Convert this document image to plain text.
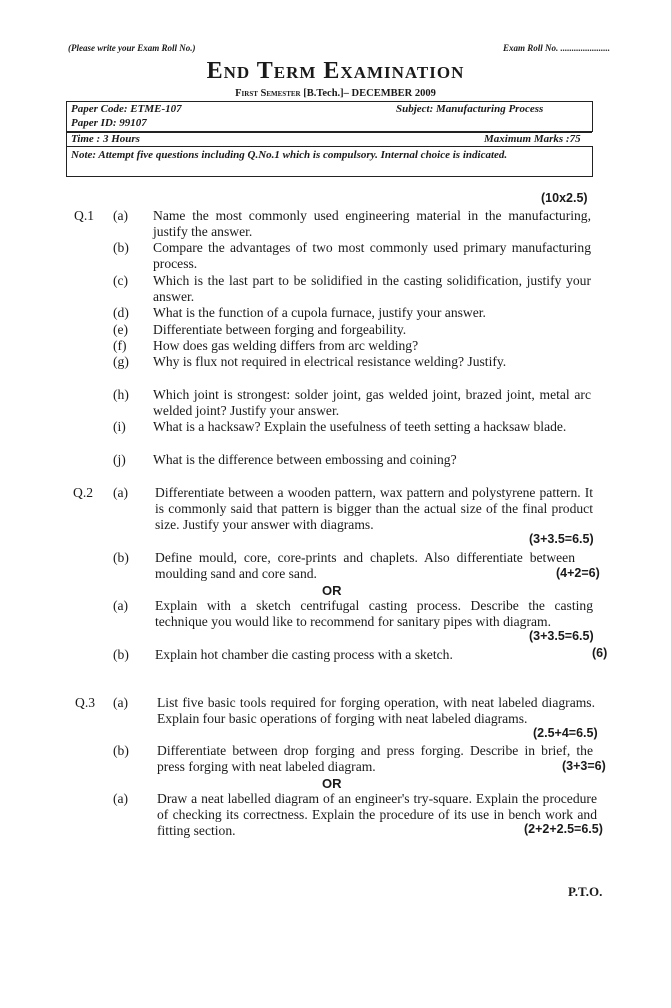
(Please write your Exam Roll No.)	Exam Roll No. ......................
End Term Examination
First Semester [B.Tech.]– DECEMBER 2009
Paper Code: ETME-107	Subject: Manufacturing Process
Paper ID: 99107
Time : 3 Hours	Maximum Marks :75
Note: Attempt five questions including Q.No.1 which is compulsory. Internal choice is indicated.
(10x2.5)
Q.1 (a) Name the most commonly used engineering material in the manufacturing, justify the answer.
(b) Compare the advantages of two most commonly used primary manufacturing process.
(c) Which is the last part to be solidified in the casting solidification, justify your answer.
(d) What is the function of a cupola furnace, justify your answer.
(e) Differentiate between forging and forgeability.
(f) How does gas welding differs from arc welding?
(g) Why is flux not required in electrical resistance welding? Justify.
(h) Which joint is strongest: solder joint, gas welded joint, brazed joint, metal arc welded joint? Justify your answer.
(i) What is a hacksaw? Explain the usefulness of teeth setting a hacksaw blade.
(j) What is the difference between embossing and coining?
Q.2 (a) Differentiate between a wooden pattern, wax pattern and polystyrene pattern. It is commonly said that pattern is bigger than the actual size of the final product size. Justify your answer with diagrams.
(3+3.5=6.5)
(b) Define mould, core, core-prints and chaplets. Also differentiate between moulding sand and core sand.	(4+2=6)
OR
(a) Explain with a sketch centrifugal casting process. Describe the casting technique you would like to recommend for sanitary pipes with diagram.
(3+3.5=6.5)
(b) Explain hot chamber die casting process with a sketch.	(6)
Q.3 (a) List five basic tools required for forging operation, with neat labeled diagrams. Explain four basic operations of forging with neat labeled diagrams.
(2.5+4=6.5)
(b) Differentiate between drop forging and press forging. Describe in brief, the press forging with neat labeled diagram.	(3+3=6)
OR
(a) Draw a neat labelled diagram of an engineer's try-square. Explain the procedure of checking its correctness. Explain the procedure of its use in bench work and fitting section.	(2+2+2.5=6.5)
P.T.O.
